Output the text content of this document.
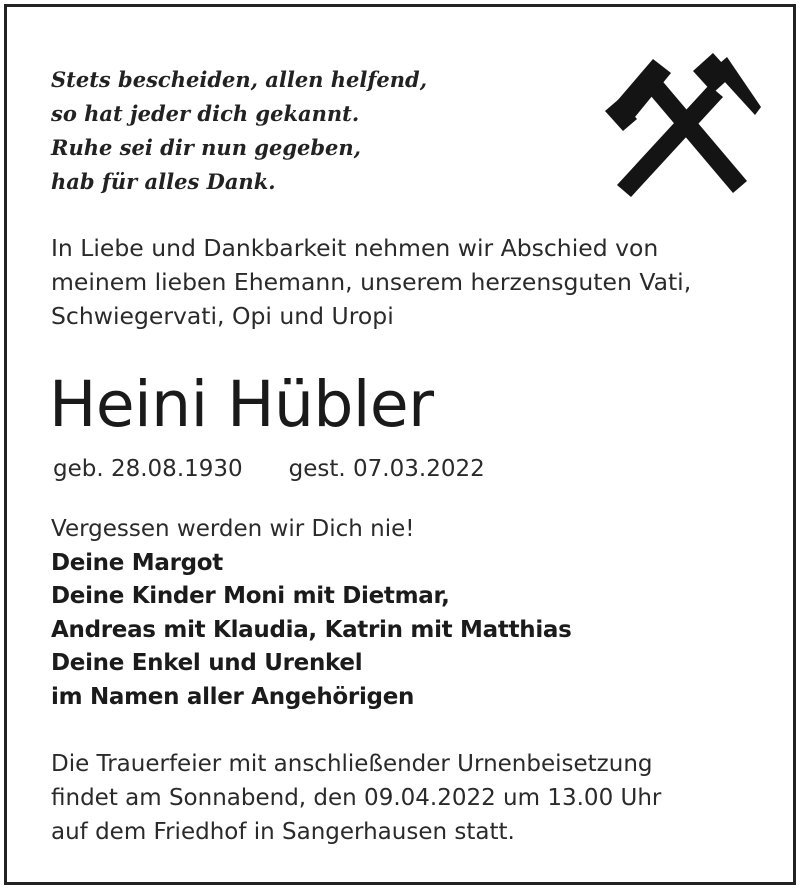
Stets bescheiden, allen helfend,
so hat jeder dich gekannt.
Ruhe sei dir nun gegeben,
hab für alles Dank.
In Liebe und Dankbarkeit nehmen wir Abschied von
meinem lieben Ehemann, unserem herzensguten Vati,
Schwiegervati, Opi und Uropi
Heini Hübler
geb. 28.08.1930 gest. 07.03.2022
Vergessen werden wir Dich nie!
Deine Margot
Deine Kinder Moni mit Dietmar,
Andreas mit Klaudia, Katrin mit Matthias
Deine Enkel und Urenkel
im Namen aller Angehörigen
Die Trauerfeier mit anschließender Urnenbeisetzung
findet am Sonnabend, den 09.04.2022 um 13.00 Uhr
auf dem Friedhof in Sangerhausen statt.
